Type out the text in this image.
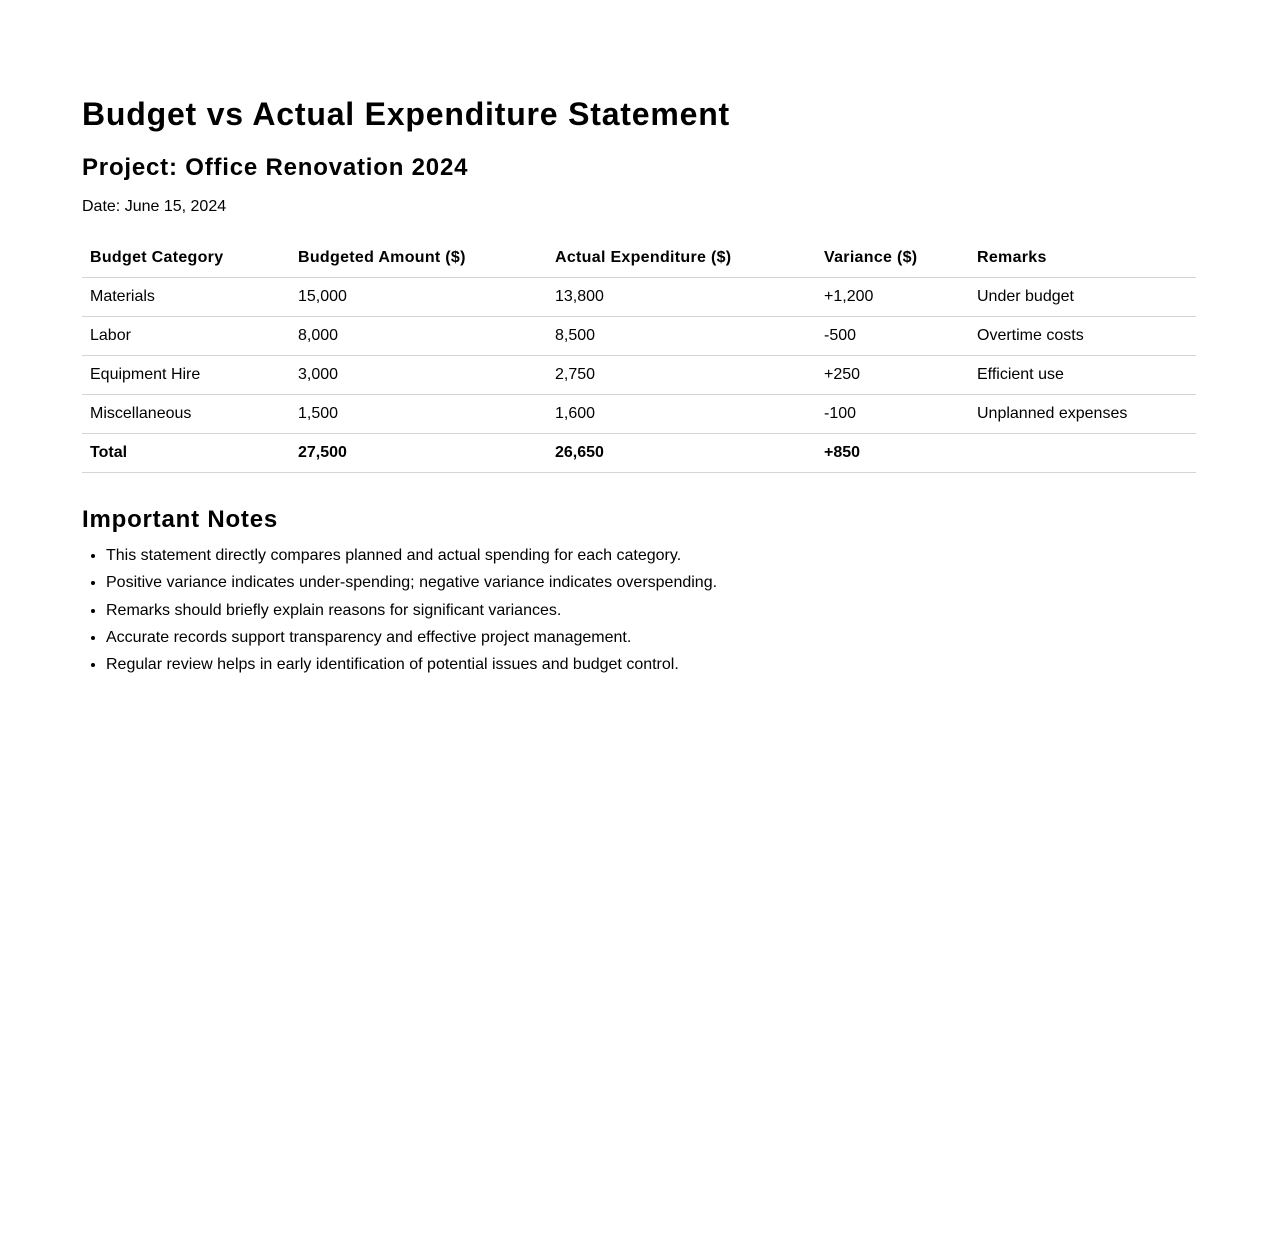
Budget vs Actual Expenditure Statement
Project: Office Renovation 2024

Date: June 15, 2024

Budget Category	Budgeted Amount ($)	Actual Expenditure ($)	Variance ($)	Remarks
Materials	15,000	13,800	+1,200	Under budget
Labor	8,000	8,500	-500	Overtime costs
Equipment Hire	3,000	2,750	+250	Efficient use
Miscellaneous	1,500	1,600	-100	Unplanned expenses
Total	27,500	26,650	+850	
Important Notes
• This statement directly compares planned and actual spending for each category.
• Positive variance indicates under-spending; negative variance indicates overspending.
• Remarks should briefly explain reasons for significant variances.
• Accurate records support transparency and effective project management.
• Regular review helps in early identification of potential issues and budget control.
